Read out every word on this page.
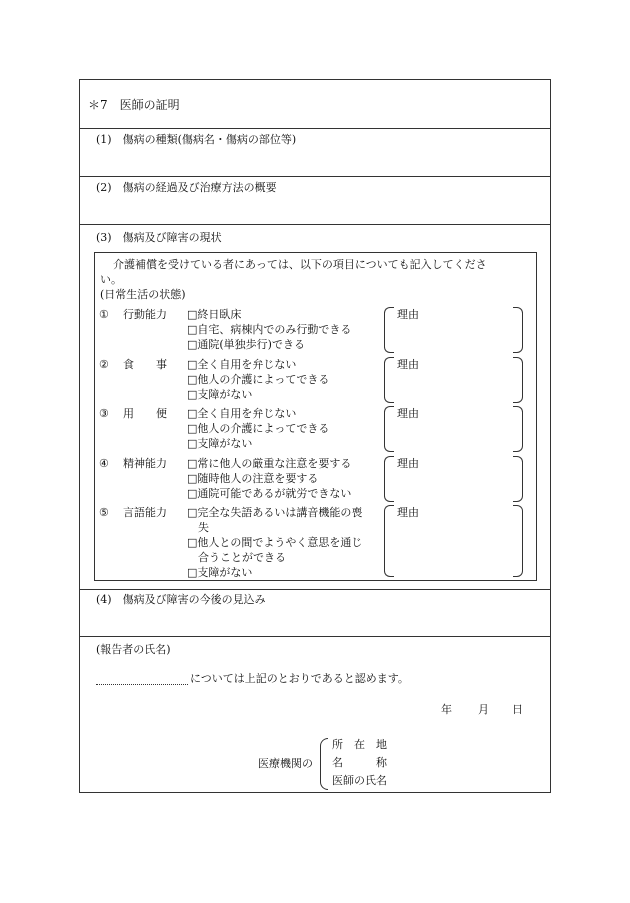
＊7　医師の証明
(1)　傷病の種類(傷病名・傷病の部位等)
(2)　傷病の経過及び治療方法の概要
(3)　傷病及び障害の現状
介護補償を受けている者にあっては、以下の項目についても記入してくださ
い。
(日常生活の状態)
① 行動能力 □終日臥床
□自宅、病棟内でのみ行動できる
□通院(単独歩行)できる
理由
② 食　　事 □全く自用を弁じない
□他人の介護によってできる
□支障がない
理由
③ 用　　便 □全く自用を弁じない
□他人の介護によってできる
□支障がない
理由
④ 精神能力 □常に他人の厳重な注意を要する
□随時他人の注意を要する
□通院可能であるが就労できない
理由
⑤ 言語能力 □完全な失語あるいは講音機能の喪
失
□他人との間でようやく意思を通じ
合うことができる
□支障がない
理由
(4)　傷病及び障害の今後の見込み
(報告者の氏名)
については上記のとおりであると認めます。
年 月 日
医療機関の
所　在　地
名　　　称
医師の氏名
